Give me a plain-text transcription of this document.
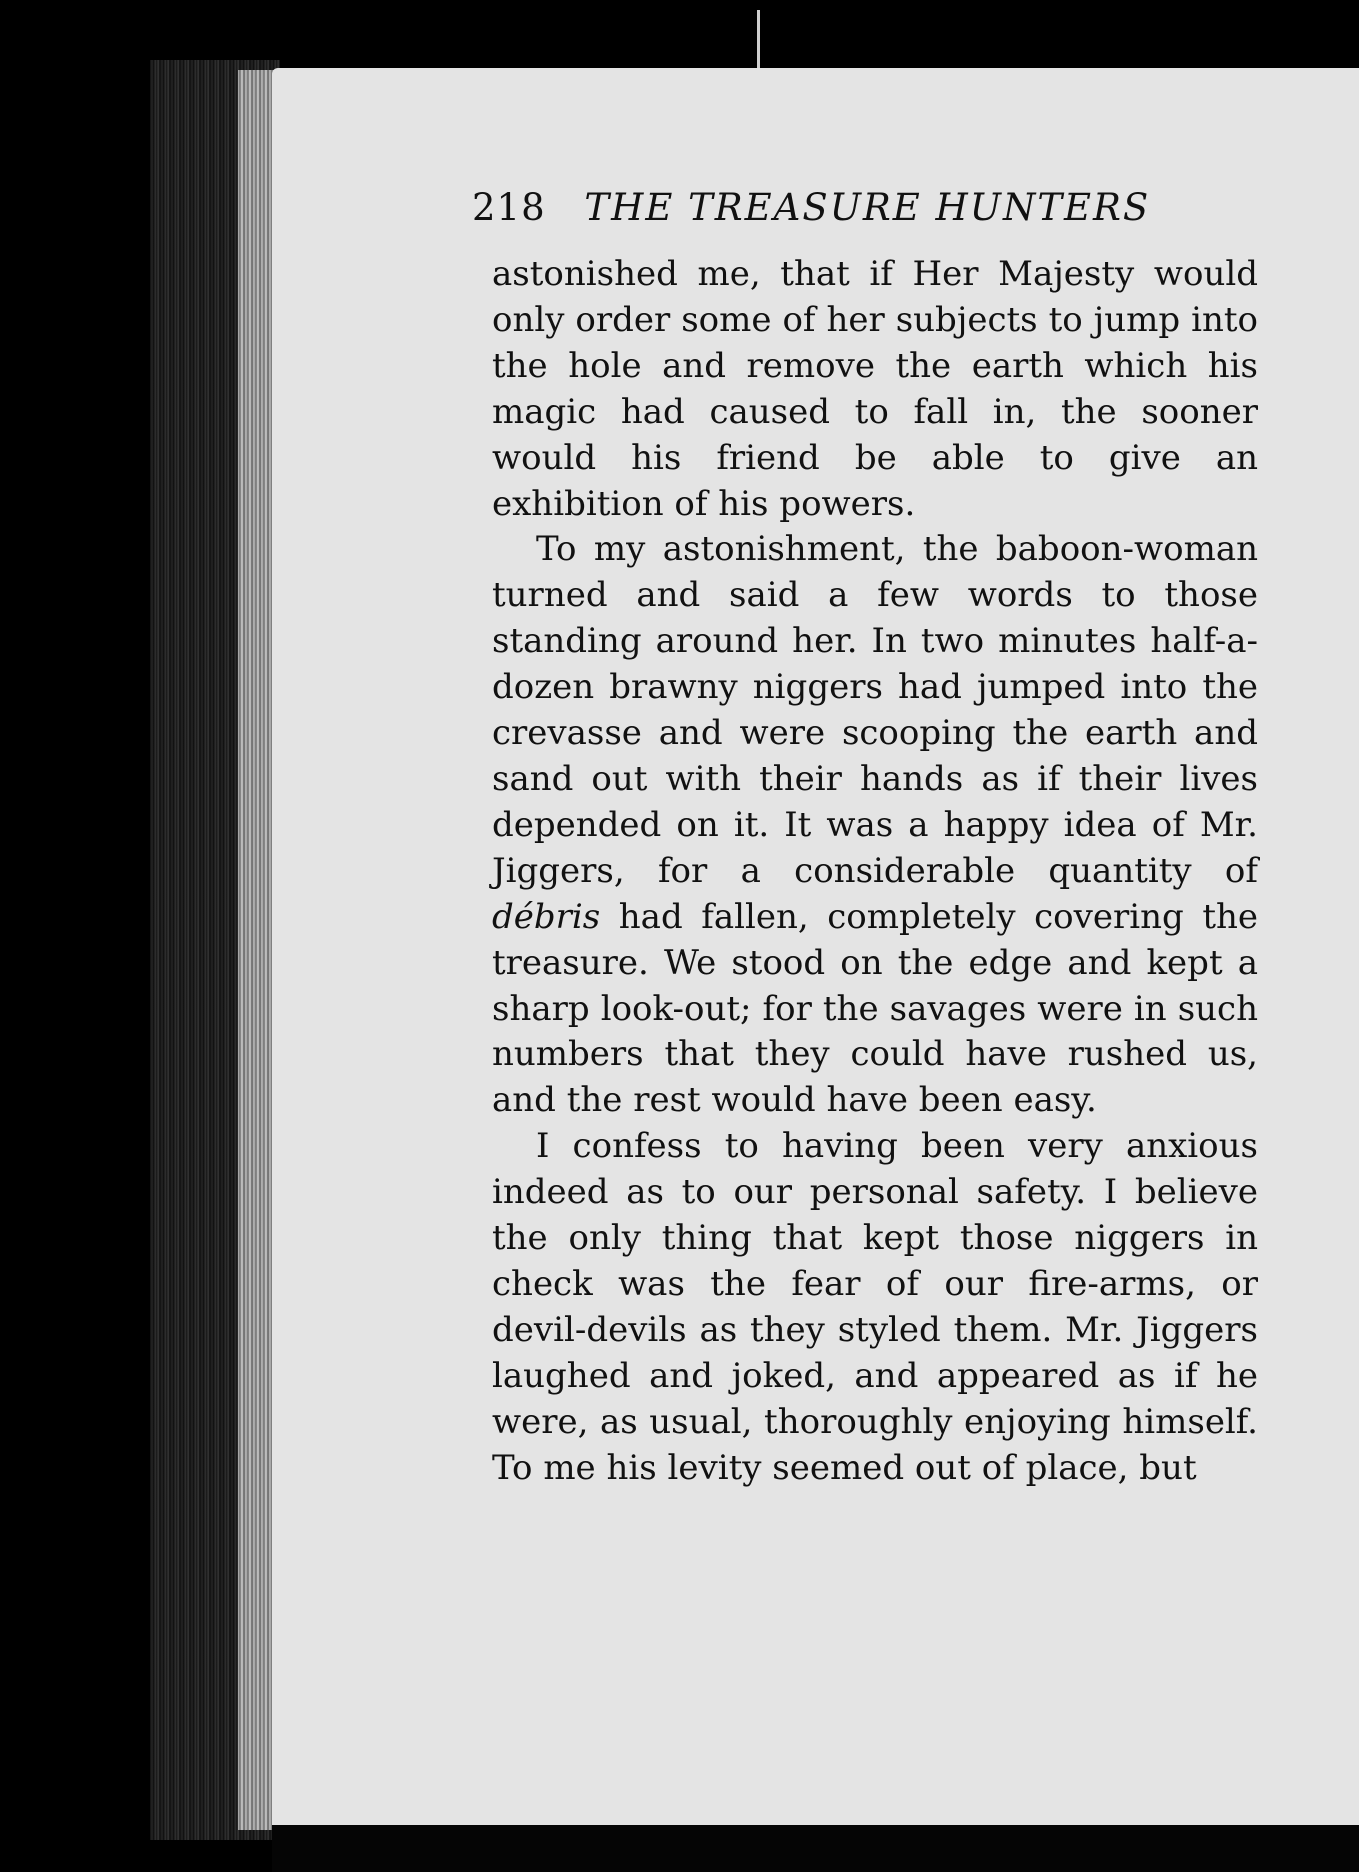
218 THE TREASURE HUNTERS

astonished me, that if Her Majesty would only order some of her subjects to jump into the hole and remove the earth which his magic had caused to fall in, the sooner would his friend be able to give an exhibition of his powers.

To my astonishment, the baboon-woman turned and said a few words to those standing around her. In two minutes half-a-dozen brawny niggers had jumped into the crevasse and were scooping the earth and sand out with their hands as if their lives depended on it. It was a happy idea of Mr. Jiggers, for a considerable quantity of débris had fallen, completely covering the treasure. We stood on the edge and kept a sharp look-out; for the savages were in such numbers that they could have rushed us, and the rest would have been easy.

I confess to having been very anxious indeed as to our personal safety. I believe the only thing that kept those niggers in check was the fear of our fire-arms, or devil-devils as they styled them. Mr. Jiggers laughed and joked, and appeared as if he were, as usual, thoroughly enjoying himself. To me his levity seemed out of place, but
